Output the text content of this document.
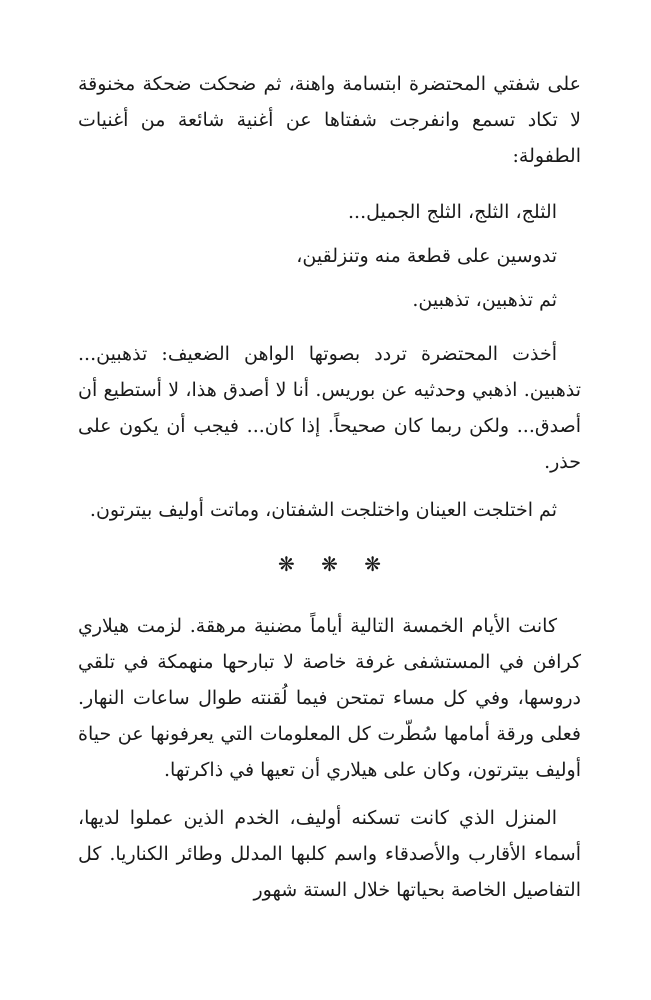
على شفتي المحتضرة ابتسامة واهنة، ثم ضحكت ضحكة مخنوقة لا تكاد تسمع وانفرجت شفتاها عن أغنية شائعة من أغنيات الطفولة:

الثلج، الثلج، الثلج الجميل...
تدوسين على قطعة منه وتنزلقين،
ثم تذهبين، تذهبين.

أخذت المحتضرة تردد بصوتها الواهن الضعيف: تذهبين... تذهبين. اذهبي وحدثيه عن بوريس. أنا لا أصدق هذا، لا أستطيع أن أصدق... ولكن ربما كان صحيحاً. إذا كان... فيجب أن يكون على حذر.

ثم اختلجت العينان واختلجت الشفتان، وماتت أوليف بيترتون.

❋ ❋ ❋

كانت الأيام الخمسة التالية أياماً مضنية مرهقة. لزمت هيلاري كرافن في المستشفى غرفة خاصة لا تبارحها منهمكة في تلقي دروسها، وفي كل مساء تمتحن فيما لُقنته طوال ساعات النهار. فعلى ورقة أمامها سُطّرت كل المعلومات التي يعرفونها عن حياة أوليف بيترتون، وكان على هيلاري أن تعيها في ذاكرتها.

المنزل الذي كانت تسكنه أوليف، الخدم الذين عملوا لديها، أسماء الأقارب والأصدقاء واسم كلبها المدلل وطائر الكناريا. كل التفاصيل الخاصة بحياتها خلال الستة شهور
